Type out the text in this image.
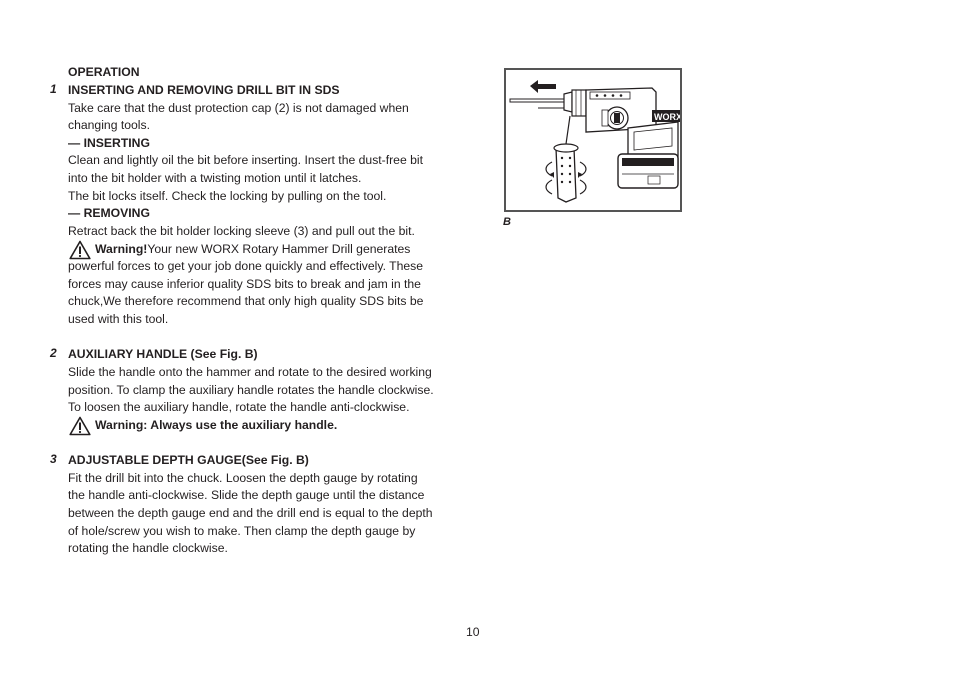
OPERATION
1 INSERTING AND REMOVING DRILL BIT IN SDS
Take care that the dust protection cap (2) is not damaged when
changing tools.
— INSERTING
Clean and lightly oil the bit before inserting. Insert the dust-free bit
into the bit holder with a twisting motion until it latches.
The bit locks itself. Check the locking by pulling on the tool.
— REMOVING
Retract back the bit holder locking sleeve (3) and pull out the bit.
Warning!Your new WORX Rotary Hammer Drill generates
powerful forces to get your job done quickly and effectively. These
forces may cause inferior quality SDS bits to break and jam in the
chuck,We therefore recommend that only high quality SDS bits be
used with this tool.
2 AUXILIARY HANDLE (See Fig. B)
Slide the handle onto the hammer and rotate to the desired working
position. To clamp the auxiliary handle rotates the handle clockwise.
To loosen the auxiliary handle, rotate the handle anti-clockwise.
Warning: Always use the auxiliary handle.
3 ADJUSTABLE DEPTH GAUGE(See Fig. B)
Fit the drill bit into the chuck. Loosen the depth gauge by rotating
the handle anti-clockwise. Slide the depth gauge until the distance
between the depth gauge end and the drill end is equal to the depth
of hole/screw you wish to make. Then clamp the depth gauge by
rotating the handle clockwise.
WORX
B
10
